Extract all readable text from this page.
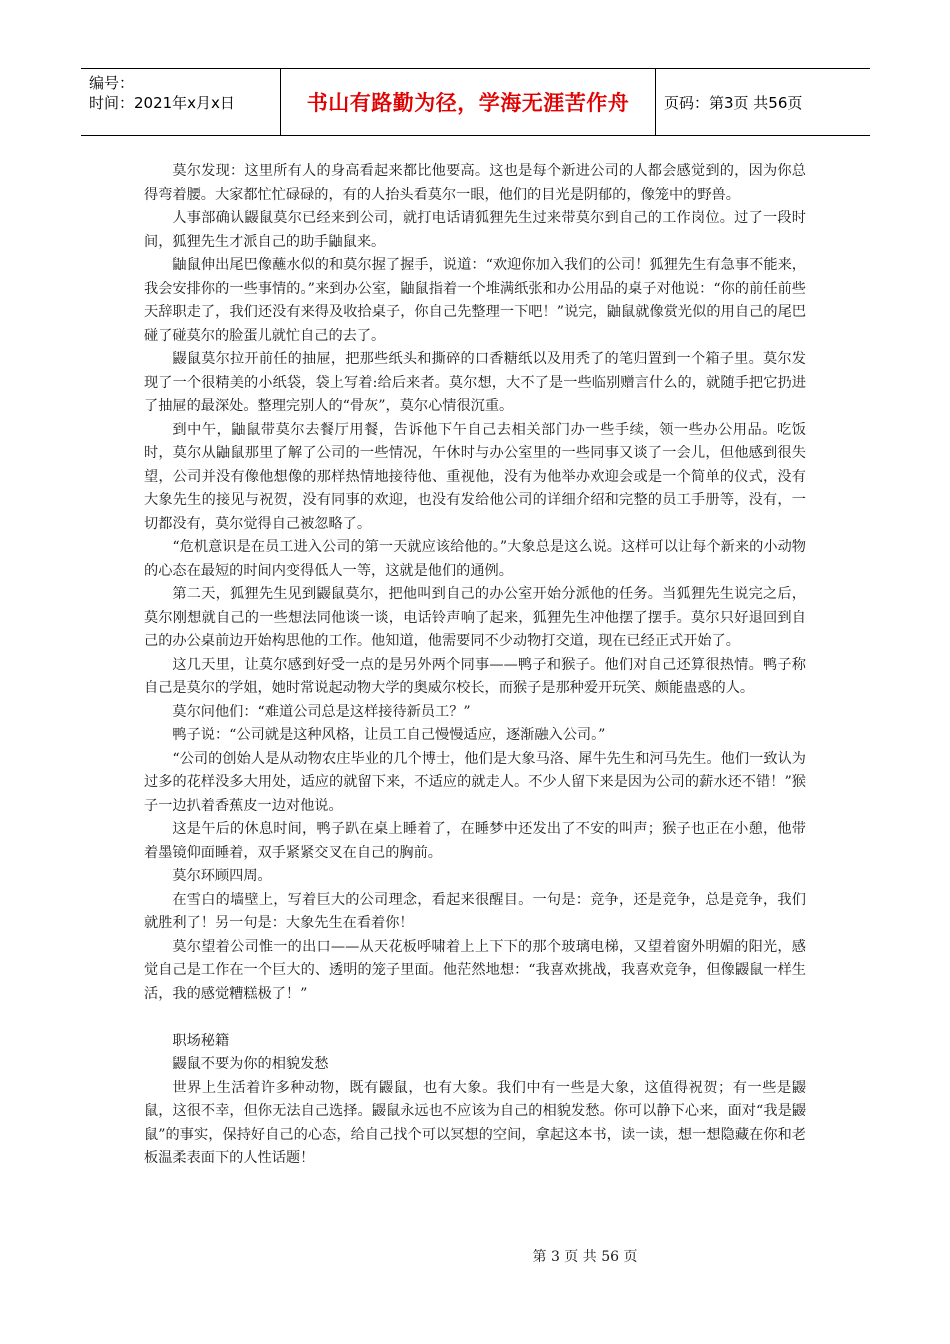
编号：
时间：2021年x月x日	书山有路勤为径，学海无涯苦作舟	页码：第3页 共56页

莫尔发现：这里所有人的身高看起来都比他要高。这也是每个新进公司的人都会感觉到的，因为你总得弯着腰。大家都忙忙碌碌的，有的人抬头看莫尔一眼，他们的目光是阴郁的，像笼中的野兽。

人事部确认鼹鼠莫尔已经来到公司，就打电话请狐狸先生过来带莫尔到自己的工作岗位。过了一段时间，狐狸先生才派自己的助手鼬鼠来。

鼬鼠伸出尾巴像蘸水似的和莫尔握了握手，说道：“欢迎你加入我们的公司！狐狸先生有急事不能来，我会安排你的一些事情的。”来到办公室，鼬鼠指着一个堆满纸张和办公用品的桌子对他说：“你的前任前些天辞职走了，我们还没有来得及收拾桌子，你自己先整理一下吧！”说完，鼬鼠就像赏光似的用自己的尾巴碰了碰莫尔的脸蛋儿就忙自己的去了。

鼹鼠莫尔拉开前任的抽屉，把那些纸头和撕碎的口香糖纸以及用秃了的笔归置到一个箱子里。莫尔发现了一个很精美的小纸袋，袋上写着:给后来者。莫尔想，大不了是一些临别赠言什么的，就随手把它扔进了抽屉的最深处。整理完别人的“骨灰”，莫尔心情很沉重。

到中午，鼬鼠带莫尔去餐厅用餐，告诉他下午自己去相关部门办一些手续，领一些办公用品。吃饭时，莫尔从鼬鼠那里了解了公司的一些情况，午休时与办公室里的一些同事又谈了一会儿，但他感到很失望，公司并没有像他想像的那样热情地接待他、重视他，没有为他举办欢迎会或是一个简单的仪式，没有大象先生的接见与祝贺，没有同事的欢迎，也没有发给他公司的详细介绍和完整的员工手册等，没有，一切都没有，莫尔觉得自己被忽略了。

“危机意识是在员工进入公司的第一天就应该给他的。”大象总是这么说。这样可以让每个新来的小动物的心态在最短的时间内变得低人一等，这就是他们的通例。

第二天，狐狸先生见到鼹鼠莫尔，把他叫到自己的办公室开始分派他的任务。当狐狸先生说完之后，莫尔刚想就自己的一些想法同他谈一谈，电话铃声响了起来，狐狸先生冲他摆了摆手。莫尔只好退回到自己的办公桌前边开始构思他的工作。他知道，他需要同不少动物打交道，现在已经正式开始了。

这几天里，让莫尔感到好受一点的是另外两个同事——鸭子和猴子。他们对自己还算很热情。鸭子称自己是莫尔的学姐，她时常说起动物大学的奥威尔校长，而猴子是那种爱开玩笑、颇能蛊惑的人。

莫尔问他们：“难道公司总是这样接待新员工？”

鸭子说：“公司就是这种风格，让员工自己慢慢适应，逐渐融入公司。”

“公司的创始人是从动物农庄毕业的几个博士，他们是大象马洛、犀牛先生和河马先生。他们一致认为过多的花样没多大用处，适应的就留下来，不适应的就走人。不少人留下来是因为公司的薪水还不错！”猴子一边扒着香蕉皮一边对他说。

这是午后的休息时间，鸭子趴在桌上睡着了，在睡梦中还发出了不安的叫声；猴子也正在小憩，他带着墨镜仰面睡着，双手紧紧交叉在自己的胸前。

莫尔环顾四周。

在雪白的墙壁上，写着巨大的公司理念，看起来很醒目。一句是：竞争，还是竞争，总是竞争，我们就胜利了！另一句是：大象先生在看着你！

莫尔望着公司惟一的出口——从天花板呼啸着上上下下的那个玻璃电梯，又望着窗外明媚的阳光，感觉自己是工作在一个巨大的、透明的笼子里面。他茫然地想：“我喜欢挑战，我喜欢竞争，但像鼹鼠一样生活，我的感觉糟糕极了！”

职场秘籍

鼹鼠不要为你的相貌发愁

世界上生活着许多种动物，既有鼹鼠，也有大象。我们中有一些是大象，这值得祝贺；有一些是鼹鼠，这很不幸，但你无法自己选择。鼹鼠永远也不应该为自己的相貌发愁。你可以静下心来，面对“我是鼹鼠”的事实，保持好自己的心态，给自己找个可以冥想的空间，拿起这本书，读一读，想一想隐藏在你和老板温柔表面下的人性话题！

第 3 页 共 56 页
